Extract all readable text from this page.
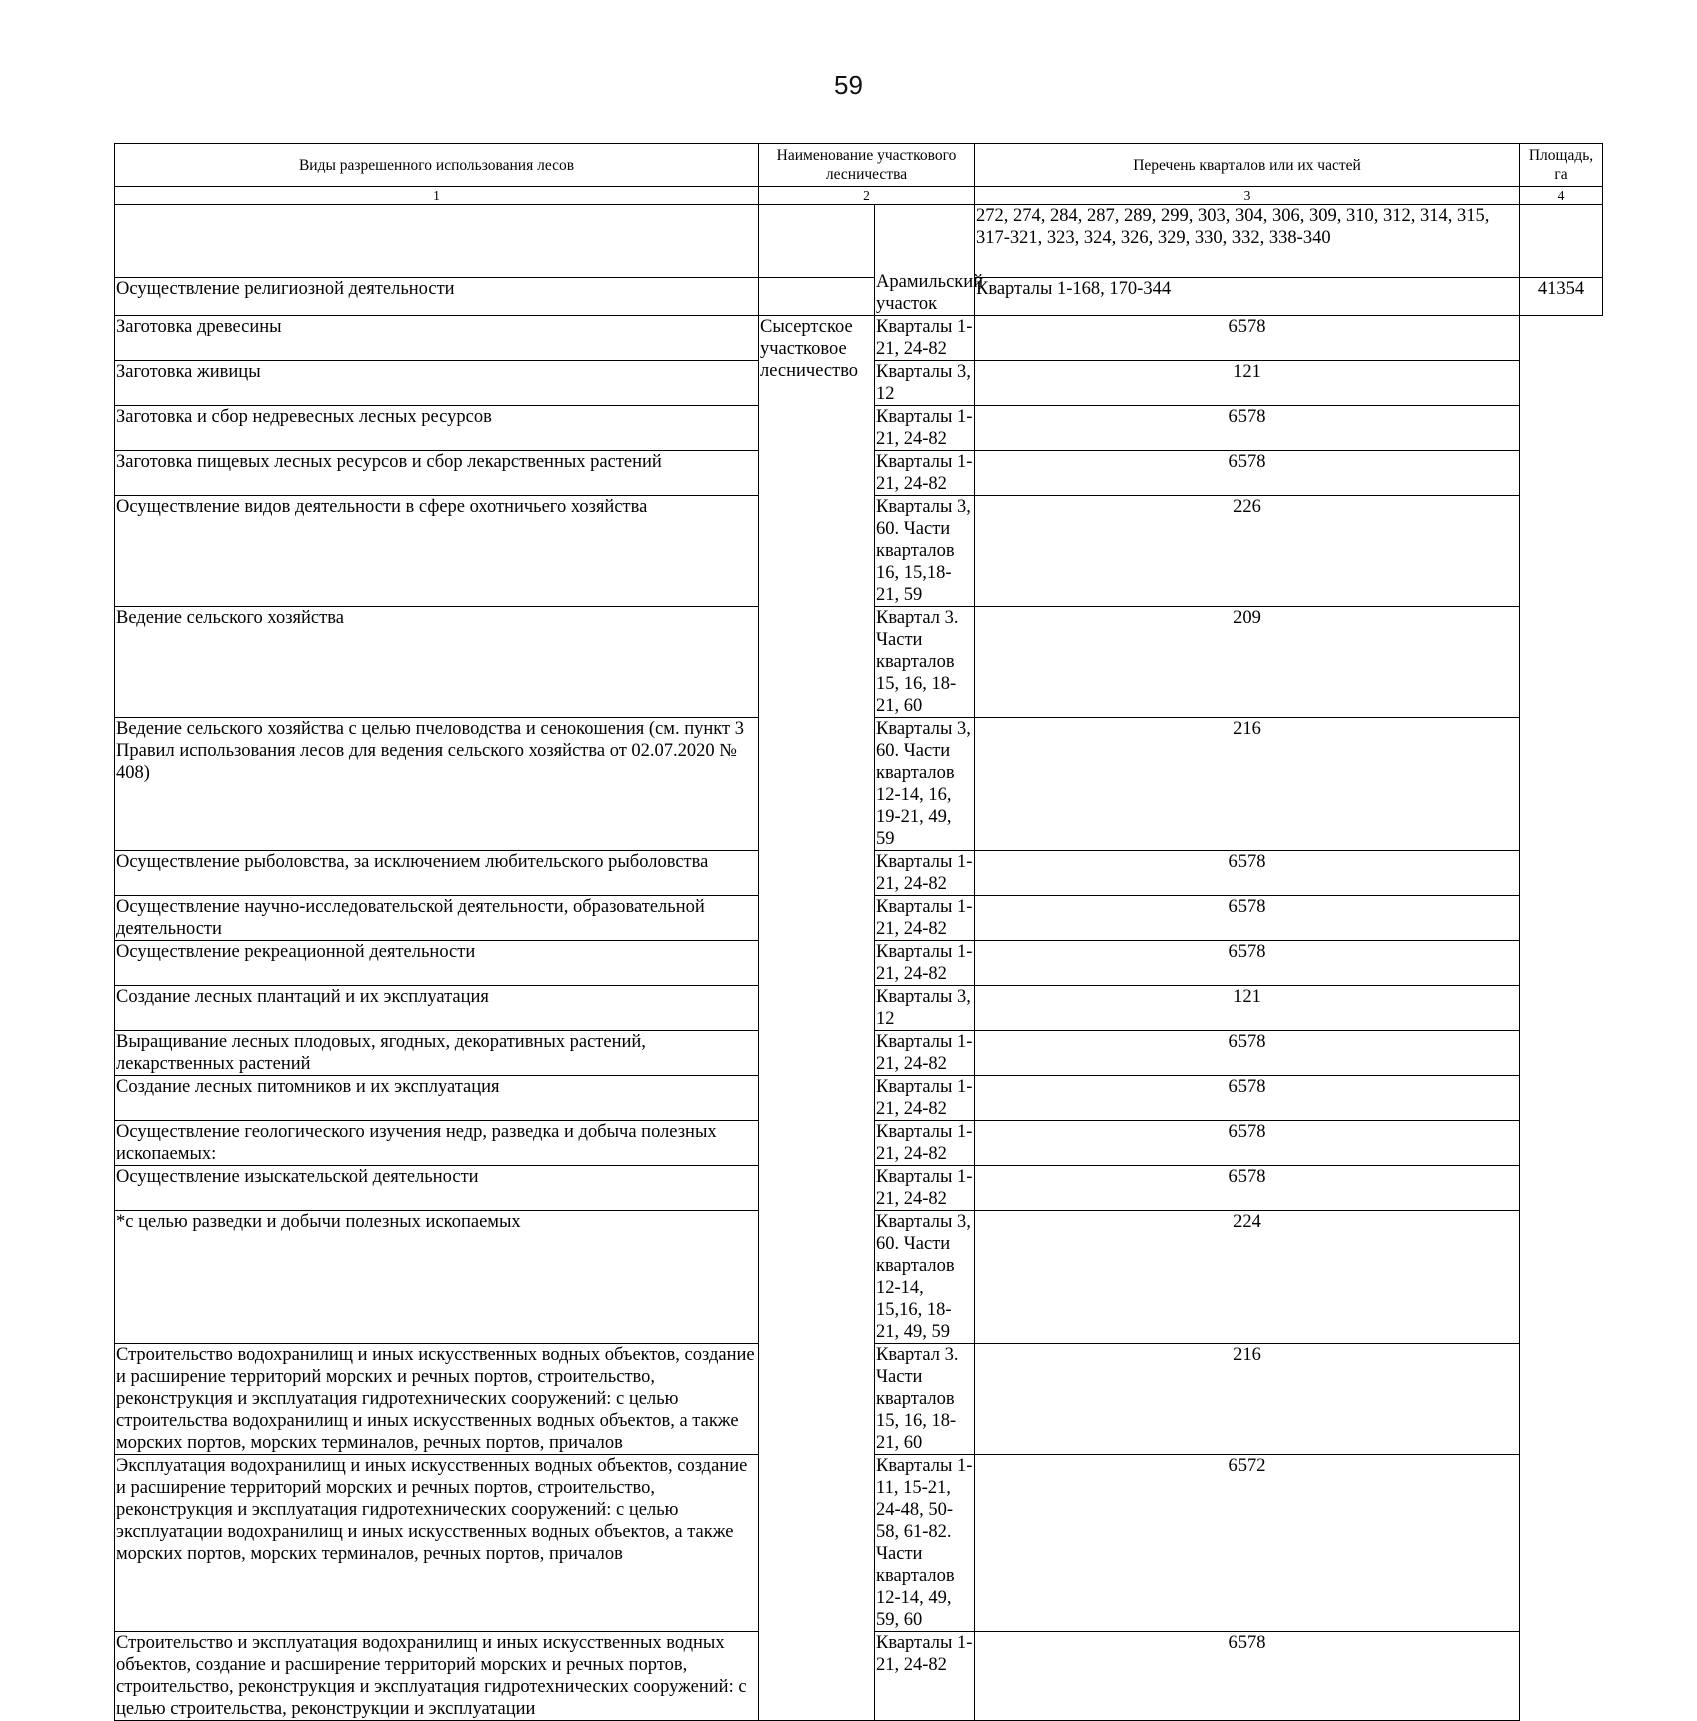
59
Виды разрешенного использования лесов	Наименование участкового лесничества		Перечень кварталов или их частей	Площадь, га
1	2		3	4

		Арамильский участок	272, 274, 284, 287, 289, 299, 303, 304, 306, 309, 310, 312, 314, 315, 317-321, 323, 324, 326, 329, 330, 332, 338-340	
Осуществление религиозной деятельности			Кварталы 1-168, 170-344	41354
Заготовка древесины	Сысертское участковое лесничество	Кварталы 1-21, 24-82	6578	
Заготовка живицы		Кварталы 3, 12	121	
Заготовка и сбор недревесных лесных ресурсов		Кварталы 1-21, 24-82	6578	
Заготовка пищевых лесных ресурсов и сбор лекарственных растений		Кварталы 1-21, 24-82	6578	
Осуществление видов деятельности в сфере охотничьего хозяйства		Кварталы 3, 60. Части кварталов 16, 15,18-21, 59	226	
Ведение сельского хозяйства		Квартал 3. Части кварталов 15, 16, 18-21, 60	209	
Ведение сельского хозяйства с целью пчеловодства и сенокошения (см. пункт 3 Правил использования лесов для ведения сельского хозяйства от 02.07.2020 № 408)		Кварталы 3, 60. Части кварталов 12-14, 16, 19-21, 49, 59	216	
Осуществление рыболовства, за исключением любительского рыболовства		Кварталы 1-21, 24-82	6578	
Осуществление научно-исследовательской деятельности, образовательной деятельности		Кварталы 1-21, 24-82	6578	
Осуществление рекреационной деятельности		Кварталы 1-21, 24-82	6578	
Создание лесных плантаций и их эксплуатация		Кварталы 3, 12	121	
Выращивание лесных плодовых, ягодных, декоративных растений, лекарственных растений		Кварталы 1-21, 24-82	6578	
Создание лесных питомников и их эксплуатация		Кварталы 1-21, 24-82	6578	
Осуществление геологического изучения недр, разведка и добыча полезных ископаемых:		Кварталы 1-21, 24-82	6578	
Осуществление изыскательской деятельности		Кварталы 1-21, 24-82	6578	
*с целью разведки и добычи полезных ископаемых		Кварталы 3, 60. Части кварталов 12-14, 15,16, 18-21, 49, 59	224	
Строительство водохранилищ и иных искусственных водных объектов, создание и расширение территорий морских и речных портов, строительство, реконструкция и эксплуатация гидротехнических сооружений: с целью строительства водохранилищ и иных искусственных водных объектов, а также морских портов, морских терминалов, речных портов, причалов		Квартал 3. Части кварталов 15, 16, 18-21, 60	216	
Эксплуатация водохранилищ и иных искусственных водных объектов, создание и расширение территорий морских и речных портов, строительство, реконструкция и эксплуатация гидротехнических сооружений: с целью эксплуатации водохранилищ и иных искусственных водных объектов, а также морских портов, морских терминалов, речных портов, причалов		Кварталы 1-11, 15-21, 24-48, 50-58, 61-82. Части кварталов 12-14, 49, 59, 60	6572	
Строительство и эксплуатация водохранилищ и иных искусственных водных объектов, создание и расширение территорий морских и речных портов, строительство, реконструкция и эксплуатация гидротехнических сооружений: с целью строительства, реконструкции и эксплуатации		Кварталы 1-21, 24-82	6578	
